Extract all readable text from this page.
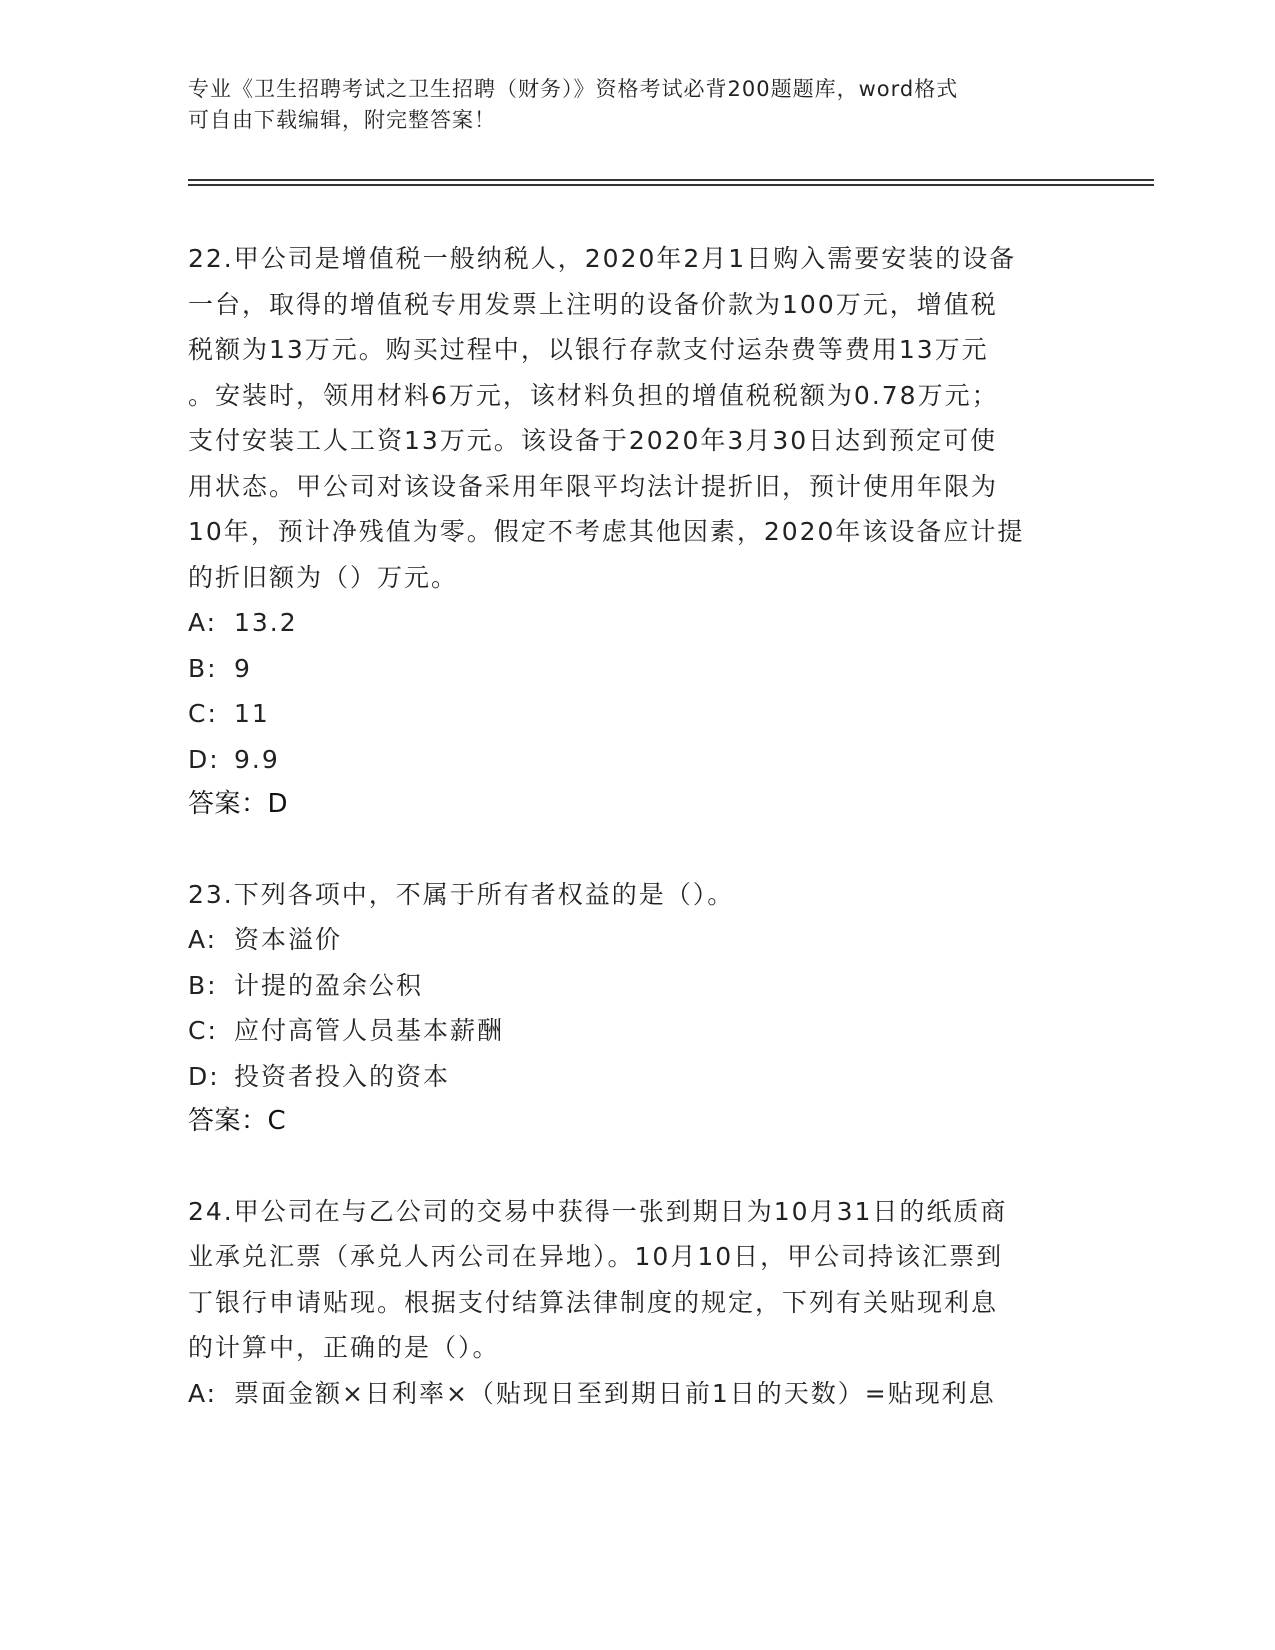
专业《卫生招聘考试之卫生招聘（财务）》资格考试必背200题题库，word格式
可自由下载编辑，附完整答案！
22.甲公司是增值税一般纳税人，2020年2月1日购入需要安装的设备
一台，取得的增值税专用发票上注明的设备价款为100万元，增值税
税额为13万元。购买过程中，以银行存款支付运杂费等费用13万元
。安装时，领用材料6万元，该材料负担的增值税税额为0.78万元；
支付安装工人工资13万元。该设备于2020年3月30日达到预定可使
用状态。甲公司对该设备采用年限平均法计提折旧，预计使用年限为
10年，预计净残值为零。假定不考虑其他因素，2020年该设备应计提
的折旧额为（）万元。
A: 13.2
B: 9
C: 11
D: 9.9
答案：D
23.下列各项中，不属于所有者权益的是（）。
A: 资本溢价
B: 计提的盈余公积
C: 应付高管人员基本薪酬
D: 投资者投入的资本
答案：C
24.甲公司在与乙公司的交易中获得一张到期日为10月31日的纸质商
业承兑汇票（承兑人丙公司在异地）。10月10日，甲公司持该汇票到
丁银行申请贴现。根据支付结算法律制度的规定，下列有关贴现利息
的计算中，正确的是（）。
A: 票面金额×日利率×（贴现日至到期日前1日的天数）=贴现利息
